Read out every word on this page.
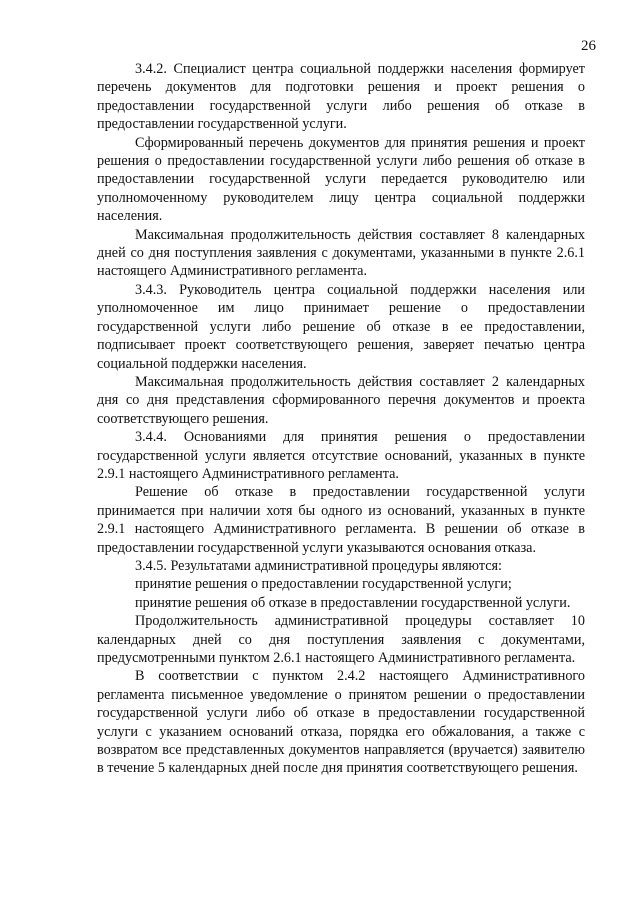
26

3.4.2. Специалист центра социальной поддержки населения формирует перечень документов для подготовки решения и проект решения о предоставлении государственной услуги либо решения об отказе в предоставлении государственной услуги.

Сформированный перечень документов для принятия решения и проект решения о предоставлении государственной услуги либо решения об отказе в предоставлении государственной услуги передается руководителю или уполномоченному руководителем лицу центра социальной поддержки населения.

Максимальная продолжительность действия составляет 8 календарных дней со дня поступления заявления с документами, указанными в пункте 2.6.1 настоящего Административного регламента.

3.4.3. Руководитель центра социальной поддержки населения или уполномоченное им лицо принимает решение о предоставлении государственной услуги либо решение об отказе в ее предоставлении, подписывает проект соответствующего решения, заверяет печатью центра социальной поддержки населения.

Максимальная продолжительность действия составляет 2 календарных дня со дня представления сформированного перечня документов и проекта соответствующего решения.

3.4.4. Основаниями для принятия решения о предоставлении государственной услуги является отсутствие оснований, указанных в пункте 2.9.1 настоящего Административного регламента.

Решение об отказе в предоставлении государственной услуги принимается при наличии хотя бы одного из оснований, указанных в пункте 2.9.1 настоящего Административного регламента. В решении об отказе в предоставлении государственной услуги указываются основания отказа.

3.4.5. Результатами административной процедуры являются:

принятие решения о предоставлении государственной услуги;

принятие решения об отказе в предоставлении государственной услуги.

Продолжительность административной процедуры составляет 10 календарных дней со дня поступления заявления с документами, предусмотренными пунктом 2.6.1 настоящего Административного регламента.

В соответствии с пунктом 2.4.2 настоящего Административного регламента письменное уведомление о принятом решении о предоставлении государственной услуги либо об отказе в предоставлении государственной услуги с указанием оснований отказа, порядка его обжалования, а также с возвратом все представленных документов направляется (вручается) заявителю в течение 5 календарных дней после дня принятия соответствующего решения.
